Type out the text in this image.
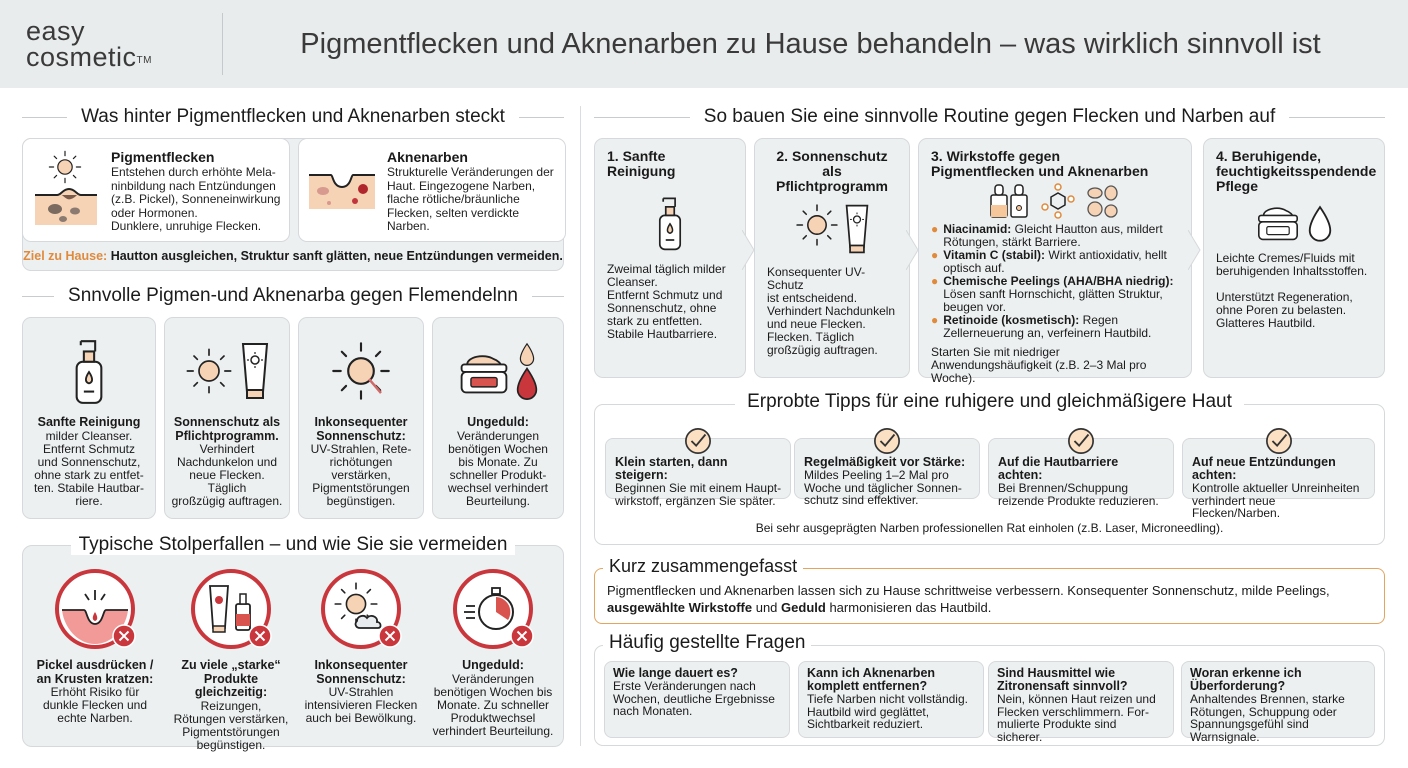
easy
cosmetic™
Pigmentflecken und Aknenarben zu Hause behandeln – was wirklich sinnvoll ist
Was hinter Pigmentflecken und Aknenarben steckt
Pigmentflecken
Entstehen durch erhöhte Mela-
ninbildung nach Entzündungen
(z.B. Pickel), Sonneneinwirkung
oder Hormonen.
Dunklere, unruhige Flecken.
Aknenarben
Strukturelle Veränderungen der
Haut. Eingezogene Narben,
flache rötliche/bräunliche
Flecken, selten verdickte
Narben.
Ziel zu Hause: Hautton ausgleichen, Struktur sanft glätten, neue Entzündungen vermeiden.
Snnvolle Pigmen-und Aknenarba gegen Flemendelnn
Sanfte Reinigung
milder Cleanser.
Entfernt Schmutz
und Sonnenschutz,
ohne stark zu entfet-
ten. Stabile Hautbar-
riere.
Sonnenschutz als Pflichtprogramm.
Verhindert
Nachdunkelon und
neue Flecken. Täglich
großzügig auftragen.
Inkonsequenter Sonnenschutz:
UV-Strahlen, Rete-
richötungen
verstärken,
Pigmentstörungen
begünstigen.
Ungeduld:
Veränderungen
benötigen Wochen
bis Monate. Zu
schneller Produkt-
wechsel verhindert
Beurteilung.
Typische Stolperfallen – und wie Sie sie vermeiden
Pickel ausdrücken / an Krusten kratzen:
Erhöht Risiko für
dunkle Flecken und
echte Narben.
Zu viele „starke“ Produkte gleichzeitig:
Reizungen,
Rötungen verstärken,
Pigmentstörungen
begünstigen.
Inkonsequenter Sonnenschutz:
UV-Strahlen
intensivieren Flecken
auch bei Bewölkung.
Ungeduld:
Veränderungen
benötigen Wochen bis
Monate. Zu schneller
Produktwechsel
verhindert Beurteilung.
So bauen Sie eine sinnvolle Routine gegen Flecken und Narben auf
1. Sanfte Reinigung
Zweimal täglich milder
Cleanser.
Entfernt Schmutz und
Sonnenschutz, ohne
stark zu entfetten.
Stabile Hautbarriere.
2. Sonnenschutz als Pflichtprogramm
Konsequenter UV-Schutz
ist entscheidend.
Verhindert Nachdunkeln
und neue Flecken.
Flecken. Täglich
großzügig auftragen.
3. Wirkstoffe gegen Pigmentflecken und Aknenarben
● Niacinamid: Gleicht Hautton aus, mildert Rötungen, stärkt Barriere.
● Vitamin C (stabil): Wirkt antioxidativ, hellt optisch auf.
● Chemische Peelings (AHA/BHA niedrig): Lösen sanft Hornschicht, glätten Struktur, beugen vor.
● Retinoide (kosmetisch): Regen Zellerneuerung an, verfeinern Hautbild.
Starten Sie mit niedriger Anwendungshäufigkeit (z.B. 2–3 Mal pro Woche).
4. Beruhigende, feuchtigkeitsspendende Pflege
Leichte Cremes/Fluids mit
beruhigenden Inhaltsstoffen.
Unterstützt Regeneration,
ohne Poren zu belasten.
Glatteres Hautbild.
Erprobte Tipps für eine ruhigere und gleichmäßigere Haut
Klein starten, dann steigern:
Beginnen Sie mit einem Haupt-wirkstoff, ergänzen Sie später.
Regelmäßigkeit vor Stärke:
Mildes Peeling 1–2 Mal pro Woche und täglicher Sonnen-schutz sind effektiver.
Auf die Hautbarriere achten:
Bei Brennen/Schuppung reizende Produkte reduzieren.
Auf neue Entzündungen achten:
Kontrolle aktueller Unreinheiten verhindert neue Flecken/Narben.
Bei sehr ausgeprägten Narben professionellen Rat einholen (z.B. Laser, Microneedling).
Kurz zusammengefasst
Pigmentflecken und Aknenarben lassen sich zu Hause schrittweise verbessern. Konsequenter Sonnenschutz, milde Peelings,
ausgewählte Wirkstoffe und Geduld harmonisieren das Hautbild.
Häufig gestellte Fragen
Wie lange dauert es?
Erste Veränderungen nach Wochen, deutliche Ergebnisse nach Monaten.
Kann ich Aknenarben komplett entfernen?
Tiefe Narben nicht vollständig. Hautbild wird geglättet, Sichtbarkeit reduziert.
Sind Hausmittel wie Zitronensaft sinnvoll?
Nein, können Haut reizen und Flecken verschlimmern. For-mulierte Produkte sind sicherer.
Woran erkenne ich Überforderung?
Anhaltendes Brennen, starke Rötungen, Schuppung oder Spannungsgefühl sind Warnsignale.
